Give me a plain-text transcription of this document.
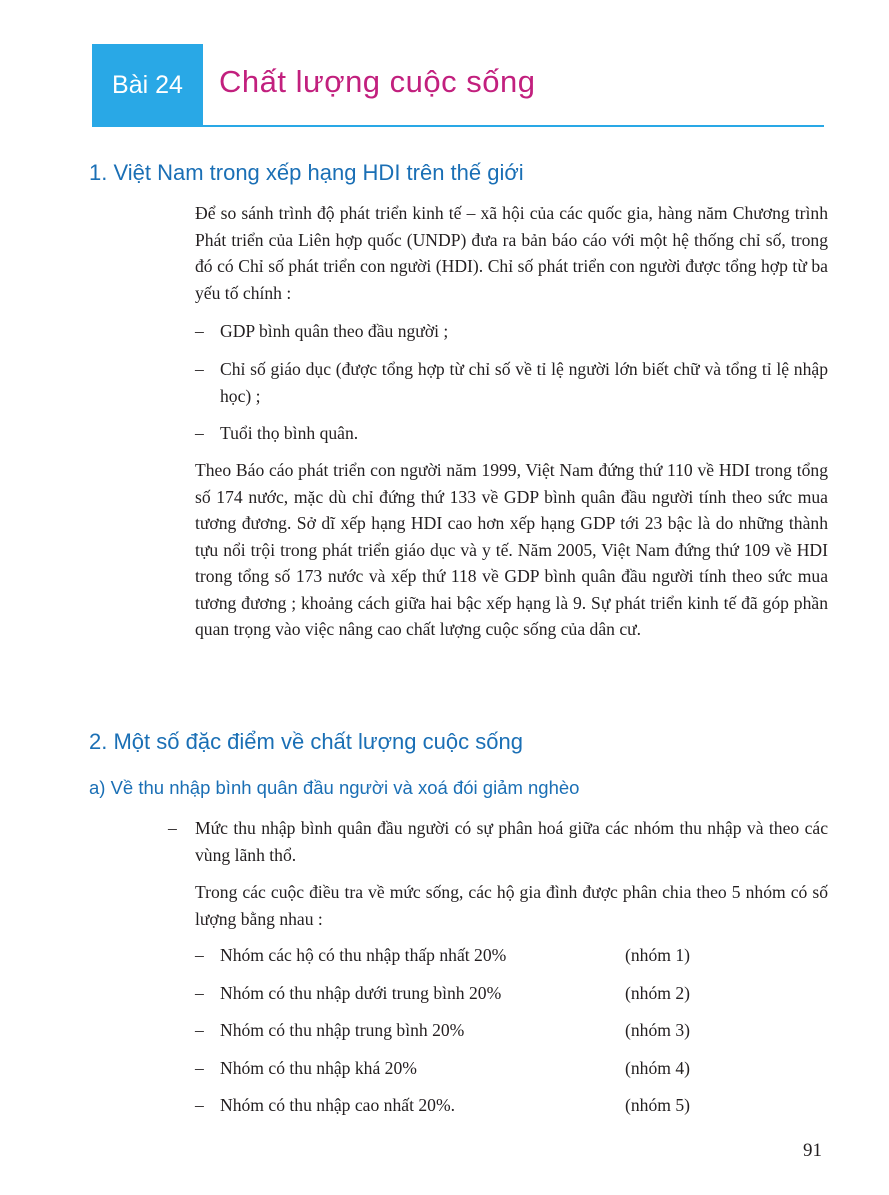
Bài 24	Chất lượng cuộc sống
1. Việt Nam trong xếp hạng HDI trên thế giới

Để so sánh trình độ phát triển kinh tế – xã hội của các quốc gia, hàng năm Chương trình Phát triển của Liên hợp quốc (UNDP) đưa ra bản báo cáo với một hệ thống chỉ số, trong đó có Chỉ số phát triển con người (HDI). Chỉ số phát triển con người được tổng hợp từ ba yếu tố chính :

– GDP bình quân theo đầu người ;
– Chỉ số giáo dục (được tổng hợp từ chỉ số về tỉ lệ người lớn biết chữ và tổng tỉ lệ nhập học) ;
– Tuổi thọ bình quân.

Theo Báo cáo phát triển con người năm 1999, Việt Nam đứng thứ 110 về HDI trong tổng số 174 nước, mặc dù chỉ đứng thứ 133 về GDP bình quân đầu người tính theo sức mua tương đương. Sở dĩ xếp hạng HDI cao hơn xếp hạng GDP tới 23 bậc là do những thành tựu nổi trội trong phát triển giáo dục và y tế. Năm 2005, Việt Nam đứng thứ 109 về HDI trong tổng số 173 nước và xếp thứ 118 về GDP bình quân đầu người tính theo sức mua tương đương ; khoảng cách giữa hai bậc xếp hạng là 9. Sự phát triển kinh tế đã góp phần quan trọng vào việc nâng cao chất lượng cuộc sống của dân cư.

2. Một số đặc điểm về chất lượng cuộc sống
a) Về thu nhập bình quân đầu người và xoá đói giảm nghèo
–	Mức thu nhập bình quân đầu người có sự phân hoá giữa các nhóm thu nhập và theo các vùng lãnh thổ.

Trong các cuộc điều tra về mức sống, các hộ gia đình được phân chia theo 5 nhóm có số lượng bằng nhau :

– Nhóm các hộ có thu nhập thấp nhất 20%	(nhóm 1)
– Nhóm có thu nhập dưới trung bình 20%	(nhóm 2)
– Nhóm có thu nhập trung bình 20%	(nhóm 3)
– Nhóm có thu nhập khá 20%	(nhóm 4)
– Nhóm có thu nhập cao nhất 20%.	(nhóm 5)
91
